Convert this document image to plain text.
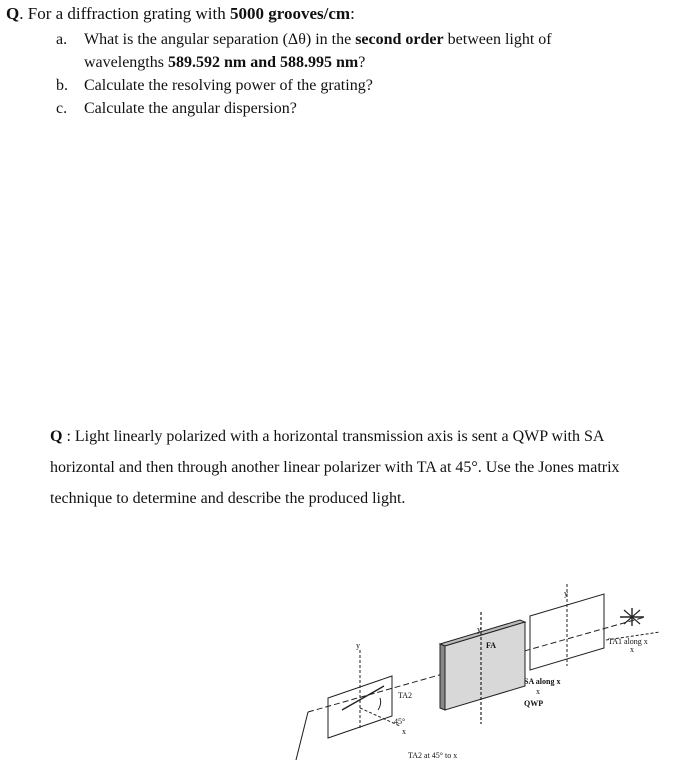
Q. For a diffraction grating with 5000 grooves/cm:

a. What is the angular separation (Δθ) in the second order between light of
wavelengths 589.592 nm and 588.995 nm?
b. Calculate the resolving power of the grating?
c. Calculate the angular dispersion?
Q : Light linearly polarized with a horizontal transmission axis is sent a QWP with SA
horizontal and then through another linear polarizer with TA at 45°. Use the Jones matrix
technique to determine and describe the produced light.
y
TA2
45°
x
TA2 at 45° to x
y
FA
SA along x
x
QWP
y
TA1 along x
x
